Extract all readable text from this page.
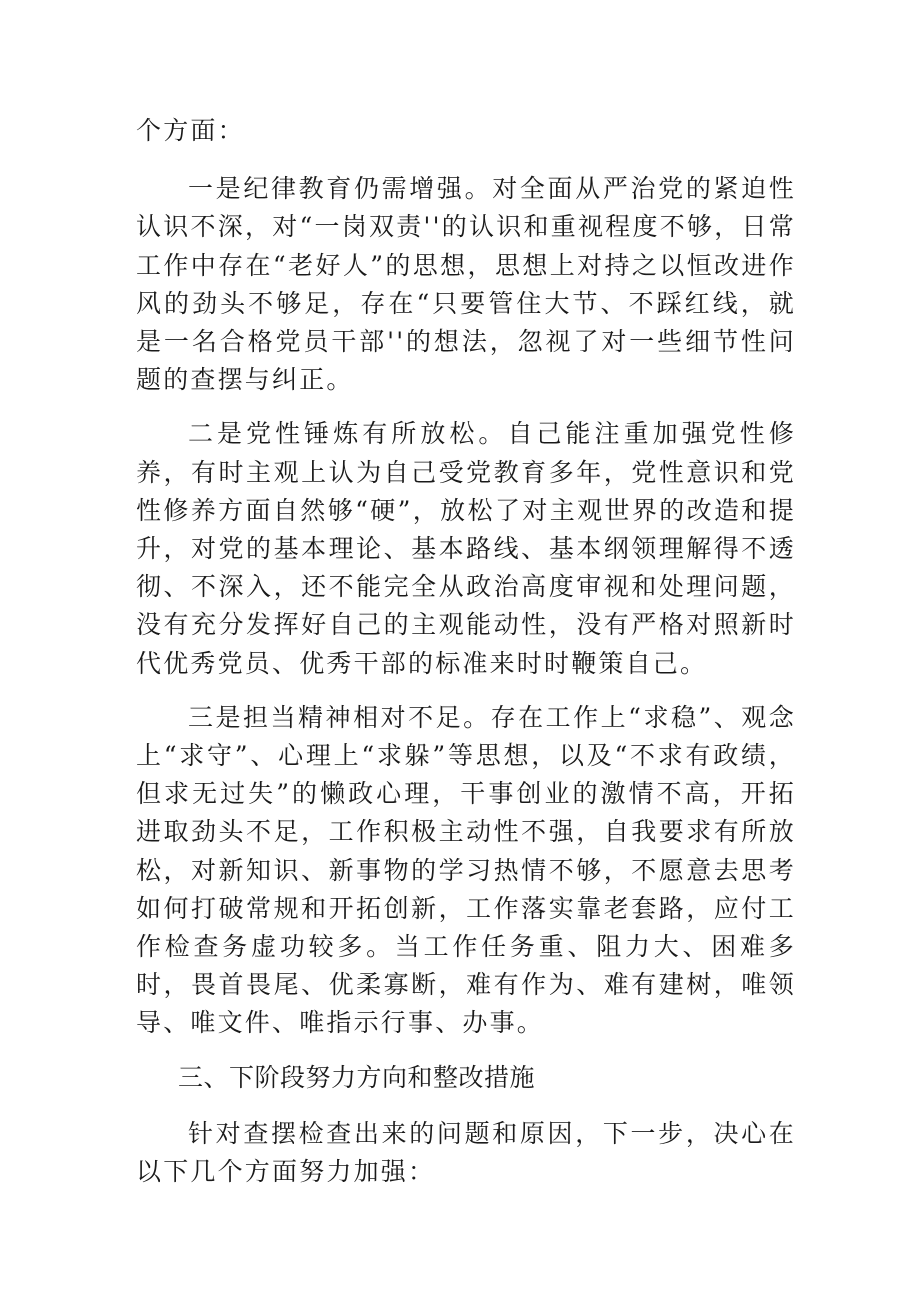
个方面：

一是纪律教育仍需增强。对全面从严治党的紧迫性认识不深，对“一岗双责''的认识和重视程度不够，日常工作中存在“老好人”的思想，思想上对持之以恒改进作风的劲头不够足，存在“只要管住大节、不踩红线，就是一名合格党员干部''的想法，忽视了对一些细节性问题的查摆与纠正。

二是党性锤炼有所放松。自己能注重加强党性修养，有时主观上认为自己受党教育多年，党性意识和党性修养方面自然够“硬”，放松了对主观世界的改造和提升，对党的基本理论、基本路线、基本纲领理解得不透彻、不深入，还不能完全从政治高度审视和处理问题，没有充分发挥好自己的主观能动性，没有严格对照新时代优秀党员、优秀干部的标准来时时鞭策自己。

三是担当精神相对不足。存在工作上“求稳”、观念上“求守”、心理上“求躲”等思想，以及“不求有政绩，但求无过失”的懒政心理，干事创业的激情不高，开拓进取劲头不足，工作积极主动性不强，自我要求有所放松，对新知识、新事物的学习热情不够，不愿意去思考如何打破常规和开拓创新，工作落实靠老套路，应付工作检查务虚功较多。当工作任务重、阻力大、困难多时，畏首畏尾、优柔寡断，难有作为、难有建树，唯领导、唯文件、唯指示行事、办事。

三、下阶段努力方向和整改措施

针对查摆检查出来的问题和原因，下一步，决心在以下几个方面努力加强：
